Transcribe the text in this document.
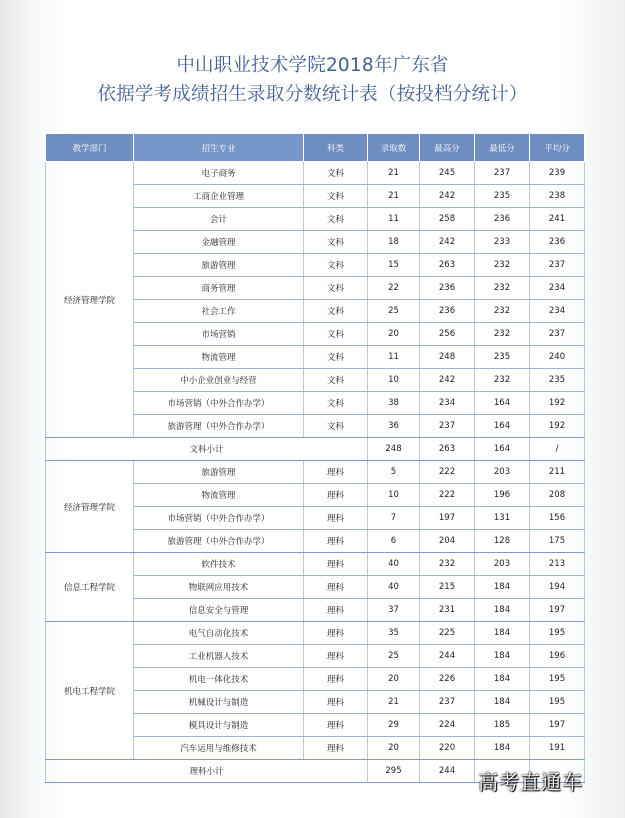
中山职业技术学院2018年广东省
依据学考成绩招生录取分数统计表（按投档分统计）
教学部门	招生专业	科类	录取数	最高分	最低分	平均分
经济管理学院	电子商务	文科	21	245	237	239
	工商企业管理	文科	21	242	235	238
	会计	文科	11	258	236	241
	金融管理	文科	18	242	233	236
	旅游管理	文科	15	263	232	237
	商务管理	文科	22	236	232	234
	社会工作	文科	25	236	232	234
	市场营销	文科	20	256	232	237
	物流管理	文科	11	248	235	240
	中小企业创业与经营	文科	10	242	232	235
	市场营销（中外合作办学）	文科	38	234	164	192
	旅游管理（中外合作办学）	文科	36	237	164	192
文科小计			248	263	164	/
经济管理学院	旅游管理	理科	5	222	203	211
	物流管理	理科	10	222	196	208
	市场营销（中外合作办学）	理科	7	197	131	156
	旅游管理（中外合作办学）	理科	6	204	128	175
信息工程学院	软件技术	理科	40	232	203	213
	物联网应用技术	理科	40	215	184	194
	信息安全与管理	理科	37	231	184	197
机电工程学院	电气自动化技术	理科	35	225	184	195
	工业机器人技术	理科	25	244	184	196
	机电一体化技术	理科	20	226	184	195
	机械设计与制造	理科	21	237	184	195
	模具设计与制造	理科	29	224	185	197
	汽车运用与维修技术	理科	20	220	184	191
理科小计			295	244		高考直通车
